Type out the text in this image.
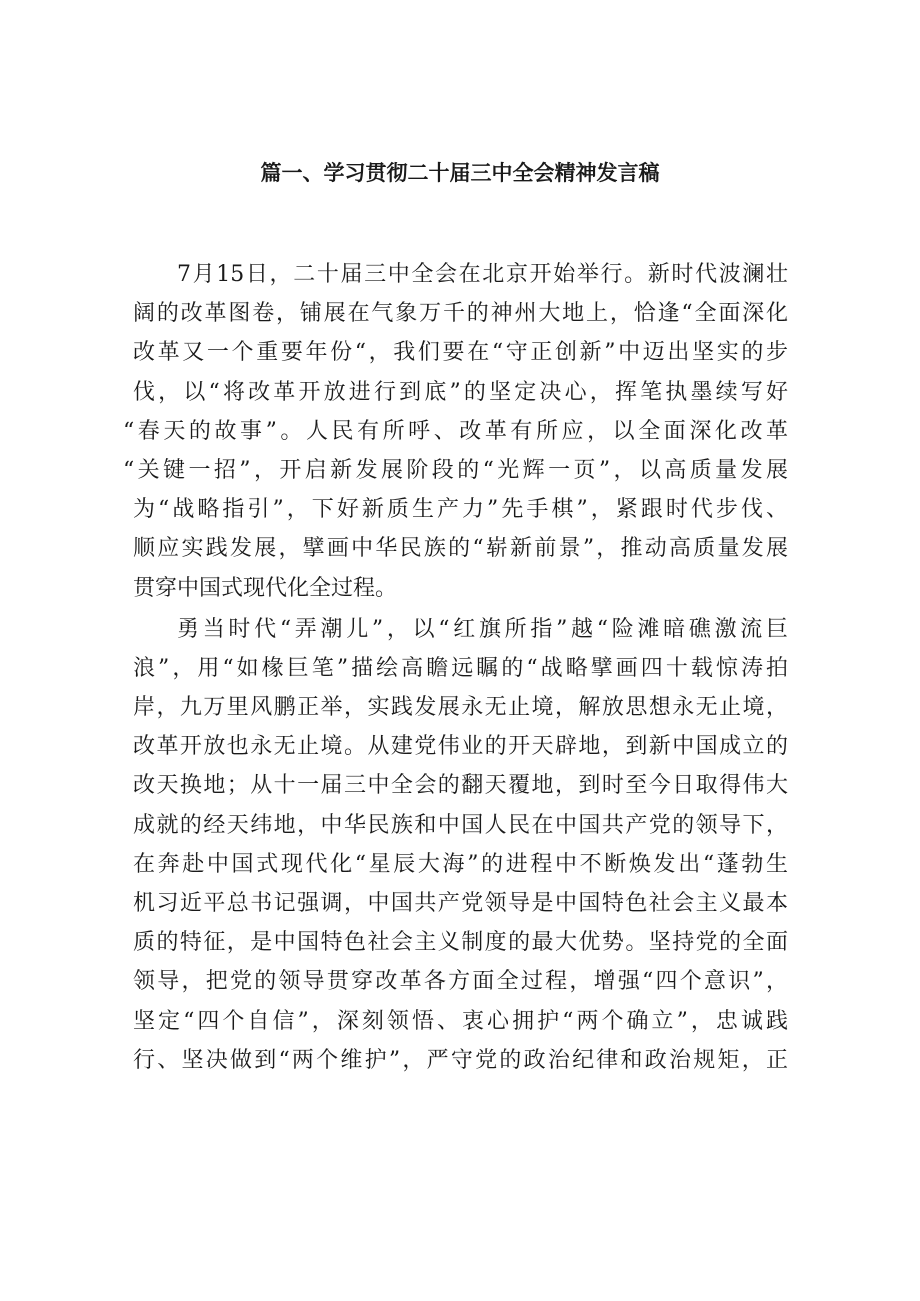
篇一、学习贯彻二十届三中全会精神发言稿
7月15日，二十届三中全会在北京开始举行。新时代波澜壮
阔的改革图卷，铺展在气象万千的神州大地上，恰逢“全面深化
改革又一个重要年份“，我们要在“守正创新”中迈出坚实的步
伐，以“将改革开放进行到底”的坚定决心，挥笔执墨续写好
“春天的故事”。人民有所呼、改革有所应，以全面深化改革
“关键一招”，开启新发展阶段的“光辉一页”，以高质量发展
为“战略指引”，下好新质生产力”先手棋”，紧跟时代步伐、
顺应实践发展，擘画中华民族的“崭新前景”，推动高质量发展
贯穿中国式现代化全过程。
勇当时代“弄潮儿”，以“红旗所指”越“险滩暗礁激流巨
浪”，用“如椽巨笔”描绘高瞻远瞩的“战略擘画四十载惊涛拍
岸，九万里风鹏正举，实践发展永无止境，解放思想永无止境，
改革开放也永无止境。从建党伟业的开天辟地，到新中国成立的
改天换地；从十一届三中全会的翻天覆地，到时至今日取得伟大
成就的经天纬地，中华民族和中国人民在中国共产党的领导下，
在奔赴中国式现代化“星辰大海”的进程中不断焕发出“蓬勃生
机习近平总书记强调，中国共产党领导是中国特色社会主义最本
质的特征，是中国特色社会主义制度的最大优势。坚持党的全面
领导，把党的领导贯穿改革各方面全过程，增强“四个意识”，
坚定“四个自信”，深刻领悟、衷心拥护“两个确立”，忠诚践
行、坚决做到“两个维护”，严守党的政治纪律和政治规矩，正
